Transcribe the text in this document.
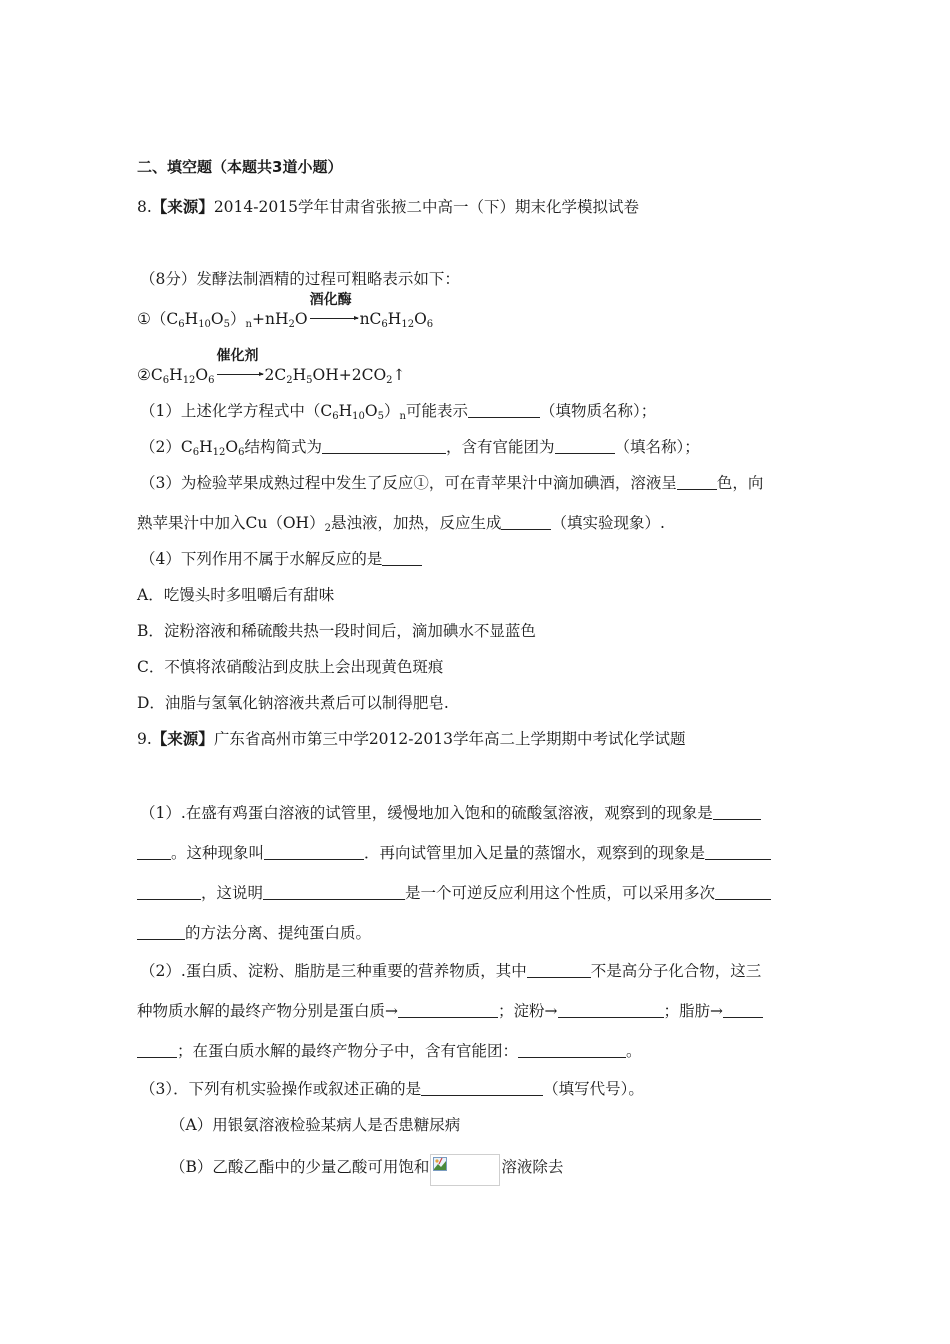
二、填空题（本题共3道小题）
8.【来源】2014-2015学年甘肃省张掖二中高一（下）期末化学模拟试卷
（8分）发酵法制酒精的过程可粗略表示如下：
$①(C_6H_{10}O_5)_n+nH_2O$
酒化酶
$nC_6H_{12}O_6$
$②C_6H_{12}O_6$
催化剂
$2C_2H_5OH+2CO_2↑$
（1）上述化学方程式中$(C_6H_{10}O_5)_n$可能表示	（填物质名称）；
$(2)C_6H_{12}O_6$结构简式为	，含有官能团为	（填名称）；
（3）为检验苹果成熟过程中发生了反应①，可在青苹果汁中滴加碘酒，溶液呈	色，向
熟苹果汁中加入$Cu(OH)_2$悬浊液，加热，反应生成	（填实验现象）.
（4）下列作用不属于水解反应的是
A．吃馒头时多咀嚼后有甜味
B．淀粉溶液和稀硫酸共热一段时间后，滴加碘水不显蓝色
C．不慎将浓硝酸沾到皮肤上会出现黄色斑痕
D．油脂与氢氧化钠溶液共煮后可以制得肥皂.
9.【来源】广东省高州市第三中学2012-2013学年高二上学期期中考试化学试题
（1）.在盛有鸡蛋白溶液的试管里，缓慢地加入饱和的硫酸氢溶液，观察到的现象是
。这种现象叫	．再向试管里加入足量的蒸馏水，观察到的现象是
，这说明	是一个可逆反应利用这个性质，可以采用多次
的方法分离、提纯蛋白质。
（2）.蛋白质、淀粉、脂肪是三种重要的营养物质，其中	不是高分子化合物，这三
种物质水解的最终产物分别是蛋白质→	；淀粉→	；脂肪→
；在蛋白质水解的最终产物分子中，含有官能团：	。
（3）．下列有机实验操作或叙述正确的是	（填写代号）。
（A）用银氨溶液检验某病人是否患糖尿病
（B）乙酸乙酯中的少量乙酸可用饱和	溶液除去
